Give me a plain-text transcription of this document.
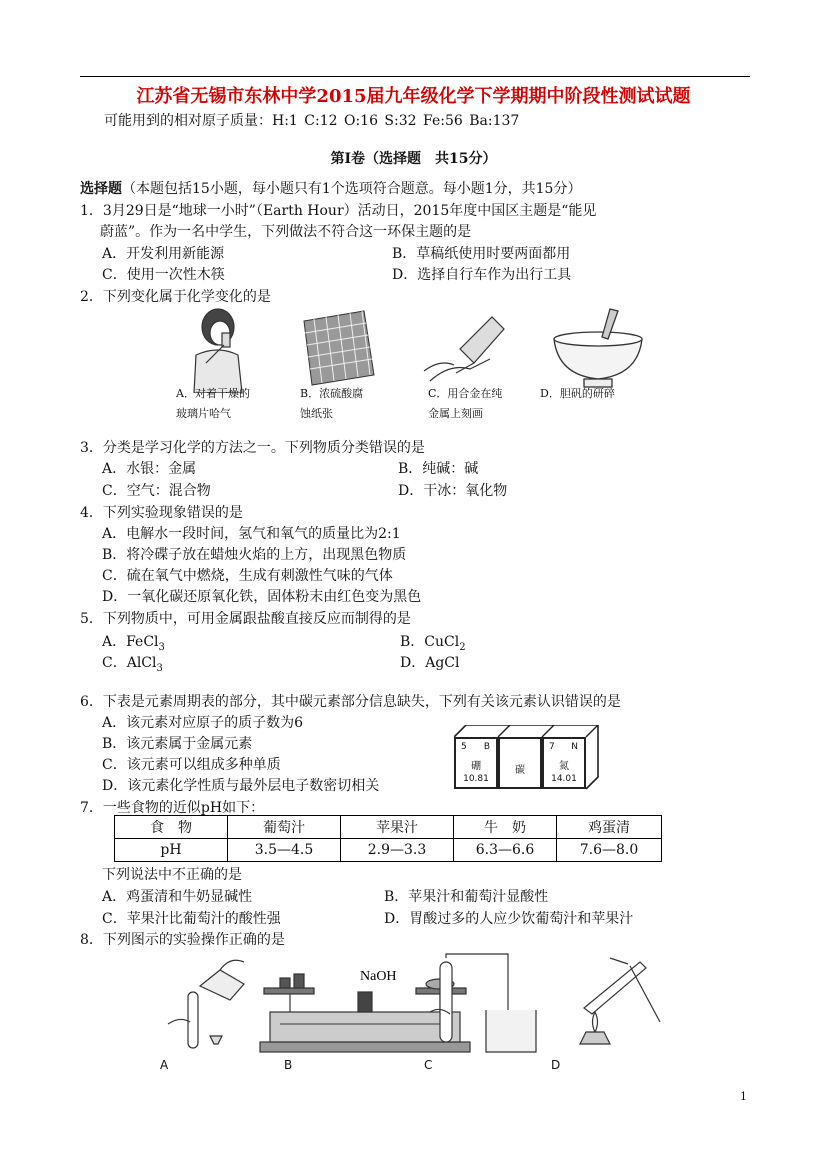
江苏省无锡市东林中学2015届九年级化学下学期期中阶段性测试试题
可能用到的相对原子质量：H:1 C:12 O:16 S:32 Fe:56 Ba:137
第Ⅰ卷（选择题　共15分）
选择题（本题包括15小题，每小题只有1个选项符合题意。每小题1分，共15分）
1．3月29日是“地球一小时”（Earth Hour）活动日，2015年度中国区主题是“能见
蔚蓝”。作为一名中学生，下列做法不符合这一环保主题的是
A．开发利用新能源	B．草稿纸使用时要两面都用
C．使用一次性木筷	D．选择自行车作为出行工具
2．下列变化属于化学变化的是
A．对着干燥的
玻璃片哈气
B．浓硫酸腐
蚀纸张
C．用合金在纯
金属上刻画
D．胆矾的研碎
3．分类是学习化学的方法之一。下列物质分类错误的是
A．水银：金属	B．纯碱：碱
C．空气：混合物	D．干冰：氧化物
4．下列实验现象错误的是
A．电解水一段时间，氢气和氧气的质量比为2:1
B．将冷碟子放在蜡烛火焰的上方，出现黑色物质
C．硫在氧气中燃烧，生成有刺激性气味的气体
D．一氧化碳还原氧化铁，固体粉末由红色变为黑色
5．下列物质中，可用金属跟盐酸直接反应而制得的是
A．FeCl$_3$	B．CuCl$_2$
C．AlCl$_3$	D．AgCl
6．下表是元素周期表的部分，其中碳元素部分信息缺失，下列有关该元素认识错误的是
A．该元素对应原子的质子数为6
B．该元素属于金属元素
C．该元素可以组成多种单质
D．该元素化学性质与最外层电子数密切相关
5 B
硼
10.81
碳
7 N
氮
14.01
7．一些食物的近似pH如下：
食　物	葡萄汁	苹果汁	牛　奶	鸡蛋清
pH	3.5—4.5	2.9—3.3	6.3—6.6	7.6—8.0
下列说法中不正确的是
A．鸡蛋清和牛奶显碱性	B．苹果汁和葡萄汁显酸性
C．苹果汁比葡萄汁的酸性强	D．胃酸过多的人应少饮葡萄汁和苹果汁
8．下列图示的实验操作正确的是
NaOH
A	B	C	D
1
